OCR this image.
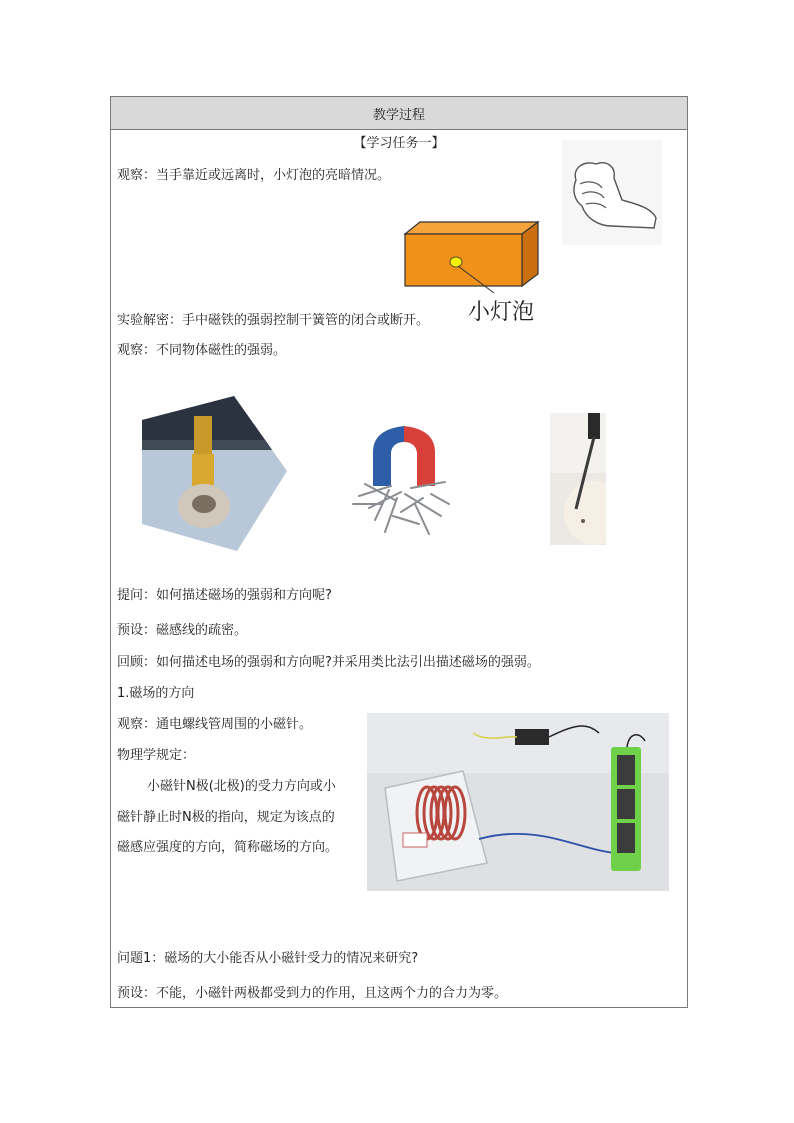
教学过程
【学习任务一】
观察：当手靠近或远离时，小灯泡的亮暗情况。
小灯泡
实验解密：手中磁铁的强弱控制干簧管的闭合或断开。
观察：不同物体磁性的强弱。
提问：如何描述磁场的强弱和方向呢?
预设：磁感线的疏密。
回顾：如何描述电场的强弱和方向呢?并采用类比法引出描述磁场的强弱。
1.磁场的方向
观察：通电螺线管周围的小磁针。
物理学规定：
小磁针N极(北极)的受力方向或小磁针静止时N极的指向，规定为该点的磁感应强度的方向，简称磁场的方向。
问题1：磁场的大小能否从小磁针受力的情况来研究?
预设：不能，小磁针两极都受到力的作用，且这两个力的合力为零。
